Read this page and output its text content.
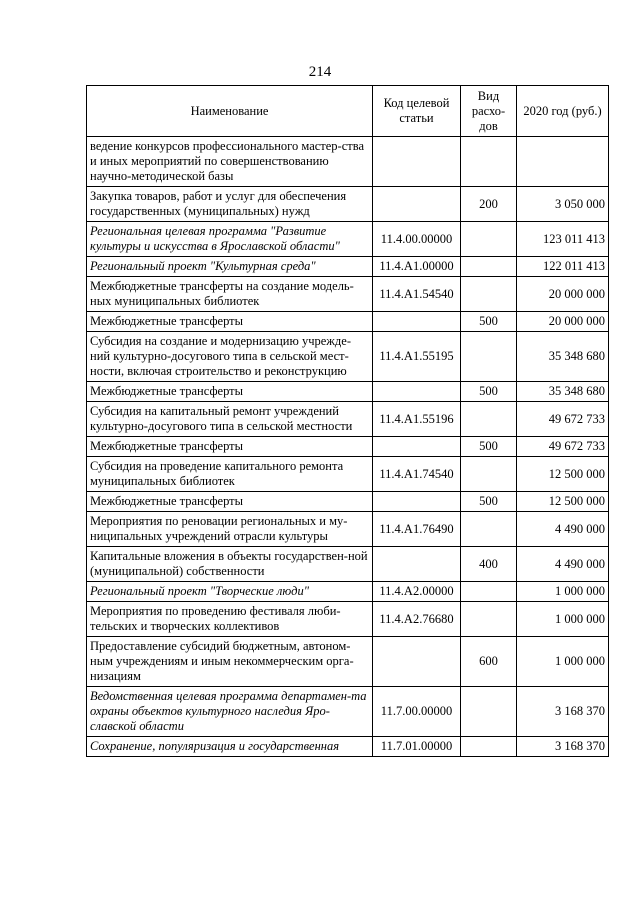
214
Наименование	Код целевой статьи	Вид расхо-дов	2020 год (руб.)
ведение конкурсов профессионального мастер-ства и иных мероприятий по совершенствованию научно-методической базы			
Закупка товаров, работ и услуг для обеспечения государственных (муниципальных) нужд		200	3 050 000
Региональная целевая программа "Развитие культуры и искусства в Ярославской области"	11.4.00.00000		123 011 413
Региональный проект "Культурная среда"	11.4.A1.00000		122 011 413
Межбюджетные трансферты на создание модель-ных муниципальных библиотек	11.4.A1.54540		20 000 000
Межбюджетные трансферты		500	20 000 000
Субсидия на создание и модернизацию учрежде-ний культурно-досугового типа в сельской мест-ности, включая строительство и реконструкцию	11.4.A1.55195		35 348 680
Межбюджетные трансферты		500	35 348 680
Субсидия на капитальный ремонт учреждений культурно-досугового типа в сельской местности	11.4.A1.55196		49 672 733
Межбюджетные трансферты		500	49 672 733
Субсидия на проведение капитального ремонта муниципальных библиотек	11.4.A1.74540		12 500 000
Межбюджетные трансферты		500	12 500 000
Мероприятия по реновации региональных и му-ниципальных учреждений отрасли культуры	11.4.A1.76490		4 490 000
Капитальные вложения в объекты государствен-ной (муниципальной) собственности		400	4 490 000
Региональный проект "Творческие люди"	11.4.A2.00000		1 000 000
Мероприятия по проведению фестиваля люби-тельских и творческих коллективов	11.4.A2.76680		1 000 000
Предоставление субсидий бюджетным, автоном-ным учреждениям и иным некоммерческим орга-низациям		600	1 000 000
Ведомственная целевая программа департамен-та охраны объектов культурного наследия Яро-славской области	11.7.00.00000		3 168 370
Сохранение, популяризация и государственная	11.7.01.00000		3 168 370
